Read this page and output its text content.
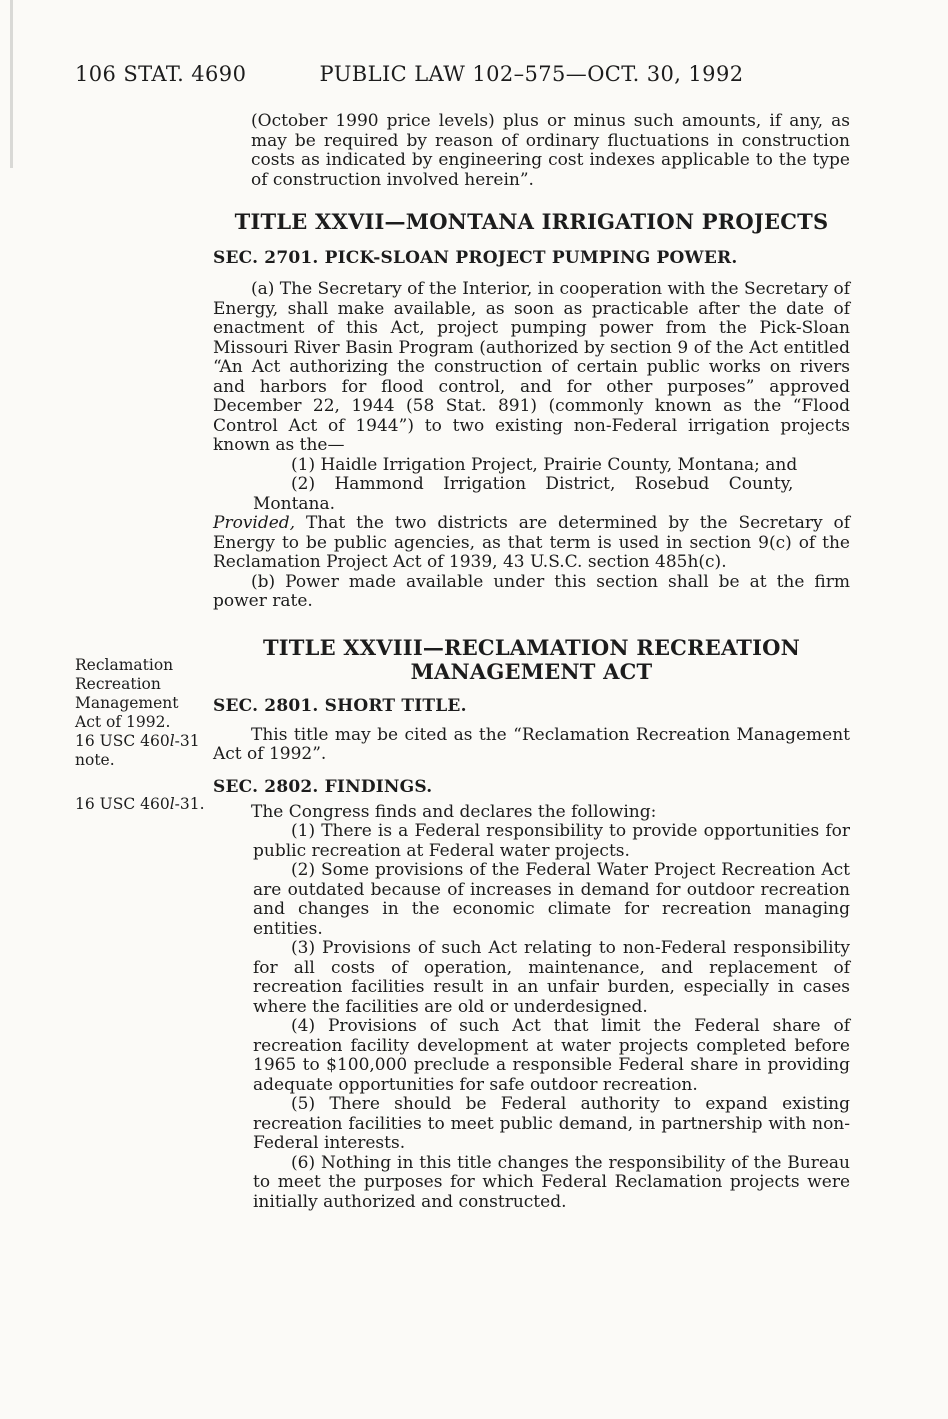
106 STAT. 4690	PUBLIC LAW 102–575—OCT. 30, 1992
Reclamation
Recreation
Management
Act of 1992.
16 USC 460l-31
note.
16 USC 460l-31.

(October 1990 price levels) plus or minus such amounts, if any, as may be required by reason of ordinary fluctuations in construction costs as indicated by engineering cost indexes applicable to the type of construction involved herein”.

TITLE XXVII—MONTANA IRRIGATION PROJECTS
SEC. 2701. PICK-SLOAN PROJECT PUMPING POWER.

(a) The Secretary of the Interior, in cooperation with the Secretary of Energy, shall make available, as soon as practicable after the date of enactment of this Act, project pumping power from the Pick-Sloan Missouri River Basin Program (authorized by section 9 of the Act entitled “An Act authorizing the construction of certain public works on rivers and harbors for flood control, and for other purposes” approved December 22, 1944 (58 Stat. 891) (commonly known as the “Flood Control Act of 1944”) to two existing non-Federal irrigation projects known as the—

(1) Haidle Irrigation Project, Prairie County, Montana; and

(2) Hammond Irrigation District, Rosebud County,
Montana.

Provided, That the two districts are determined by the Secretary of Energy to be public agencies, as that term is used in section 9(c) of the Reclamation Project Act of 1939, 43 U.S.C. section 485h(c).

(b) Power made available under this section shall be at the firm power rate.

TITLE XXVIII—RECLAMATION RECREATION
MANAGEMENT ACT
SEC. 2801. SHORT TITLE.

This title may be cited as the “Reclamation Recreation Management Act of 1992”.

SEC. 2802. FINDINGS.

The Congress finds and declares the following:

(1) There is a Federal responsibility to provide opportunities for public recreation at Federal water projects.

(2) Some provisions of the Federal Water Project Recreation Act are outdated because of increases in demand for outdoor recreation and changes in the economic climate for recreation managing entities.

(3) Provisions of such Act relating to non-Federal responsibility for all costs of operation, maintenance, and replacement of recreation facilities result in an unfair burden, especially in cases where the facilities are old or underdesigned.

(4) Provisions of such Act that limit the Federal share of recreation facility development at water projects completed before 1965 to $100,000 preclude a responsible Federal share in providing adequate opportunities for safe outdoor recreation.

(5) There should be Federal authority to expand existing recreation facilities to meet public demand, in partnership with non-Federal interests.

(6) Nothing in this title changes the responsibility of the Bureau to meet the purposes for which Federal Reclamation projects were initially authorized and constructed.
